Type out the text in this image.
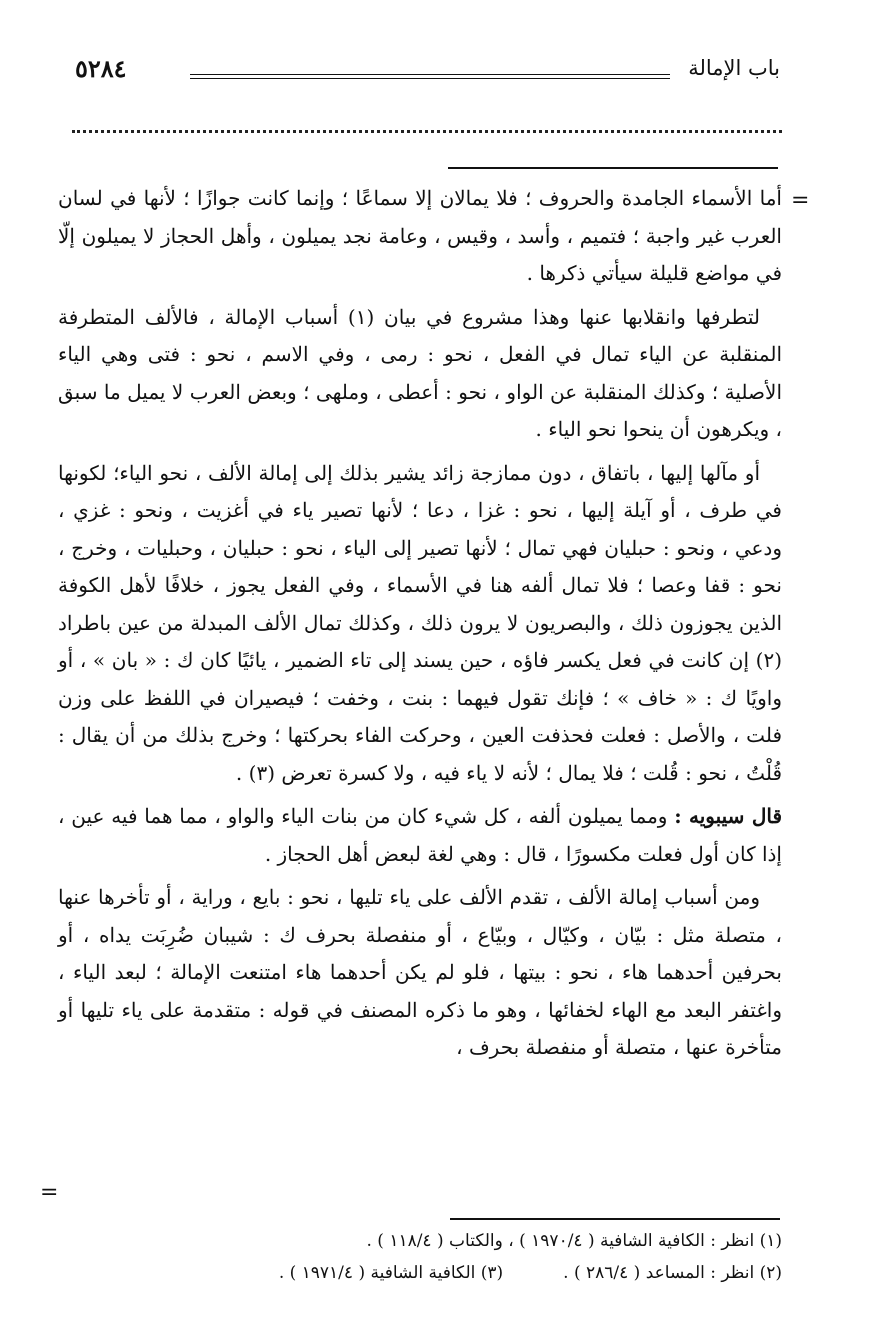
٥٢٨٤	باب الإمالة
=

أما الأسماء الجامدة والحروف ؛ فلا يمالان إلا سماعًا ؛ وإنما كانت جوازًا ؛ لأنها في لسان العرب غير واجبة ؛ فتميم ، وأسد ، وقيس ، وعامة نجد يميلون ، وأهل الحجاز لا يميلون إلّا في مواضع قليلة سيأتي ذكرها .

لتطرفها وانقلابها عنها وهذا مشروع في بيان (١) أسباب الإمالة ، فالألف المتطرفة المنقلبة عن الياء تمال في الفعل ، نحو : رمى ، وفي الاسم ، نحو : فتى وهي الياء الأصلية ؛ وكذلك المنقلبة عن الواو ، نحو : أعطى ، وملهى ؛ وبعض العرب لا يميل ما سبق ، ويكرهون أن ينحوا نحو الياء .

أو مآلها إليها ، باتفاق ، دون ممازجة زائد يشير بذلك إلى إمالة الألف ، نحو الياء؛ لكونها في طرف ، أو آيلة إليها ، نحو : غزا ، دعا ؛ لأنها تصير ياء في أغزيت ، ونحو : غزي ، ودعي ، ونحو : حبليان فهي تمال ؛ لأنها تصير إلى الياء ، نحو : حبليان ، وحبليات ، وخرج ، نحو : قفا وعصا ؛ فلا تمال ألفه هنا في الأسماء ، وفي الفعل يجوز ، خلافًا لأهل الكوفة الذين يجوزون ذلك ، والبصريون لا يرون ذلك ، وكذلك تمال الألف المبدلة من عين باطراد (٢) إن كانت في فعل يكسر فاؤه ، حين يسند إلى تاء الضمير ، يائيًا كان ك : « بان » ، أو واويًا ك : « خاف » ؛ فإنك تقول فيهما : بنت ، وخفت ؛ فيصيران في اللفظ على وزن فلت ، والأصل : فعلت فحذفت العين ، وحركت الفاء بحركتها ؛ وخرج بذلك من أن يقال : قُلْتُ ، نحو : قُلت ؛ فلا يمال ؛ لأنه لا ياء فيه ، ولا كسرة تعرض (٣) .

قال سيبويه : ومما يميلون ألفه ، كل شيء كان من بنات الياء والواو ، مما هما فيه عين ، إذا كان أول فعلت مكسورًا ، قال : وهي لغة لبعض أهل الحجاز .

ومن أسباب إمالة الألف ، تقدم الألف على ياء تليها ، نحو : بايع ، وراية ، أو تأخرها عنها ، متصلة مثل : بيّان ، وكيّال ، وبيّاع ، أو منفصلة بحرف ك : شيبان ضُرِبَت يداه ، أو بحرفين أحدهما هاء ، نحو : بيتها ، فلو لم يكن أحدهما هاء امتنعت الإمالة ؛ لبعد الياء ، واغتفر البعد مع الهاء لخفائها ، وهو ما ذكره المصنف في قوله : متقدمة على ياء تليها أو متأخرة عنها ، متصلة أو منفصلة بحرف ،

=
(١) انظر : الكافية الشافية ( ١٩٧٠/٤ ) ، والكتاب ( ١١٨/٤ ) .
(٢) انظر : المساعد ( ٢٨٦/٤ ) .(٣) الكافية الشافية ( ١٩٧١/٤ ) .
